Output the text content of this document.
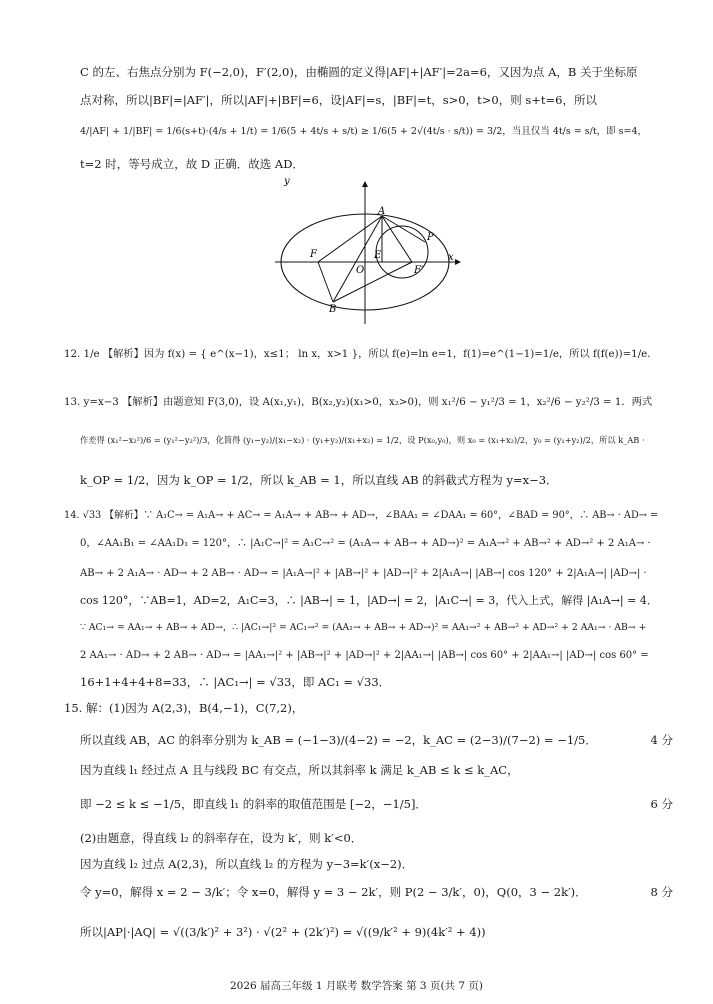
C 的左、右焦点分别为 F(−2,0)，F′(2,0)，由椭圆的定义得|AF|+|AF′|=2a=6，又因为点 A，B 关于坐标原
点对称，所以|BF|=|AF′|，所以|AF|+|BF|=6，设|AF|=s，|BF|=t，s>0，t>0，则 s+t=6，所以
4/|AF| + 1/|BF| = 1/6(s+t)·(4/s + 1/t) = 1/6(5 + 4t/s + s/t) ≥ 1/6(5 + 2√(4t/s · s/t)) = 3/2，当且仅当 4t/s = s/t，即 s=4，
t=2 时，等号成立，故 D 正确．故选 AD．
y
x
A
B
P
F
F′
E
O
12. 1/e 【解析】因为 f(x) = { e^(x−1)，x≤1； ln x，x>1 }，所以 f(e)=ln e=1，f(1)=e^(1−1)=1/e，所以 f(f(e))=1/e．
13. y=x−3 【解析】由题意知 F(3,0)，设 A(x₁,y₁)，B(x₂,y₂)(x₁>0，x₂>0)，则 x₁²/6 − y₁²/3 = 1，x₂²/6 − y₂²/3 = 1．两式
作差得 (x₁²−x₂²)/6 = (y₁²−y₂²)/3，化简得 (y₁−y₂)/(x₁−x₂) · (y₁+y₂)/(x₁+x₂) = 1/2，设 P(x₀,y₀)，则 x₀ = (x₁+x₂)/2，y₀ = (y₁+y₂)/2，所以 k_AB ·
k_OP = 1/2，因为 k_OP = 1/2，所以 k_AB = 1，所以直线 AB 的斜截式方程为 y=x−3．
14. √33 【解析】∵ A₁C→ = A₁A→ + AC→ = A₁A→ + AB→ + AD→，∠BAA₁ = ∠DAA₁ = 60°，∠BAD = 90°，∴ AB→ · AD→ =
0，∠AA₁B₁ = ∠AA₁D₁ = 120°，∴ |A₁C→|² = A₁C→² = (A₁A→ + AB→ + AD→)² = A₁A→² + AB→² + AD→² + 2 A₁A→ ·
AB→ + 2 A₁A→ · AD→ + 2 AB→ · AD→ = |A₁A→|² + |AB→|² + |AD→|² + 2|A₁A→| |AB→| cos 120° + 2|A₁A→| |AD→| ·
cos 120°，∵AB=1，AD=2，A₁C=3，∴ |AB→| = 1，|AD→| = 2，|A₁C→| = 3，代入上式，解得 |A₁A→| = 4．
∵ AC₁→ = AA₁→ + AB→ + AD→，∴ |AC₁→|² = AC₁→² = (AA₁→ + AB→ + AD→)² = AA₁→² + AB→² + AD→² + 2 AA₁→ · AB→ +
2 AA₁→ · AD→ + 2 AB→ · AD→ = |AA₁→|² + |AB→|² + |AD→|² + 2|AA₁→| |AB→| cos 60° + 2|AA₁→| |AD→| cos 60° =
16+1+4+4+8=33，∴ |AC₁→| = √33，即 AC₁ = √33．
15. 解：(1)因为 A(2,3)，B(4,−1)，C(7,2)，
所以直线 AB，AC 的斜率分别为 k_AB = (−1−3)/(4−2) = −2，k_AC = (2−3)/(7−2) = −1/5．	4 分
因为直线 l₁ 经过点 A 且与线段 BC 有交点，所以其斜率 k 满足 k_AB ≤ k ≤ k_AC，
即 −2 ≤ k ≤ −1/5，即直线 l₁ 的斜率的取值范围是 [−2，−1/5]．	6 分
(2)由题意，得直线 l₂ 的斜率存在，设为 k′，则 k′<0．
因为直线 l₂ 过点 A(2,3)，所以直线 l₂ 的方程为 y−3=k′(x−2)．
令 y=0，解得 x = 2 − 3/k′；令 x=0，解得 y = 3 − 2k′，则 P(2 − 3/k′，0)，Q(0，3 − 2k′)．	8 分
所以|AP|·|AQ| = √((3/k′)² + 3²) · √(2² + (2k′)²) = √((9/k′² + 9)(4k′² + 4))
2026 届高三年级 1 月联考 数学答案 第 3 页(共 7 页)
